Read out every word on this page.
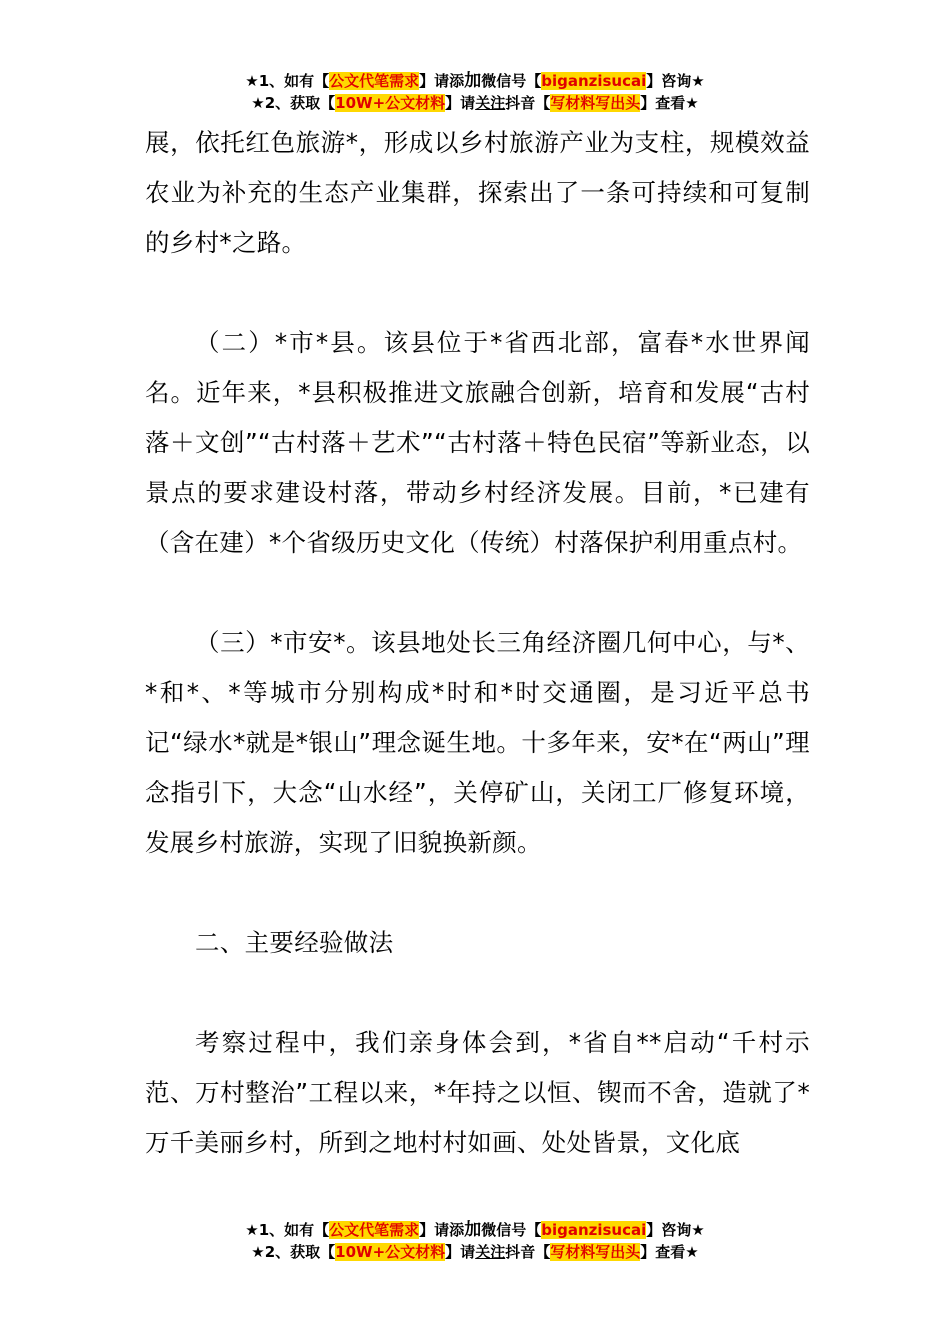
★1、如有【公文代笔需求】请添加微信号【biganzisucai】咨询★
★2、获取【10W+公文材料】请关注抖音【写材料写出头】查看★

展，依托红色旅游*，形成以乡村旅游产业为支柱，规模效益农业为补充的生态产业集群，探索出了一条可持续和可复制的乡村*之路。

（二）*市*县。该县位于*省西北部，富春*水世界闻名。近年来，*县积极推进文旅融合创新，培育和发展“古村落＋文创”“古村落＋艺术”“古村落＋特色民宿”等新业态，以景点的要求建设村落，带动乡村经济发展。目前，*已建有（含在建）*个省级历史文化（传统）村落保护利用重点村。

（三）*市安*。该县地处长三角经济圈几何中心，与*、*和*、*等城市分别构成*时和*时交通圈，是习近平总书记“绿水*就是*银山”理念诞生地。十多年来，安*在“两山”理念指引下，大念“山水经”，关停矿山，关闭工厂修复环境，发展乡村旅游，实现了旧貌换新颜。

二、主要经验做法

考察过程中，我们亲身体会到，*省自**启动“千村示范、万村整治”工程以来，*年持之以恒、锲而不舍，造就了*万千美丽乡村，所到之地村村如画、处处皆景，文化底

★1、如有【公文代笔需求】请添加微信号【biganzisucai】咨询★
★2、获取【10W+公文材料】请关注抖音【写材料写出头】查看★
